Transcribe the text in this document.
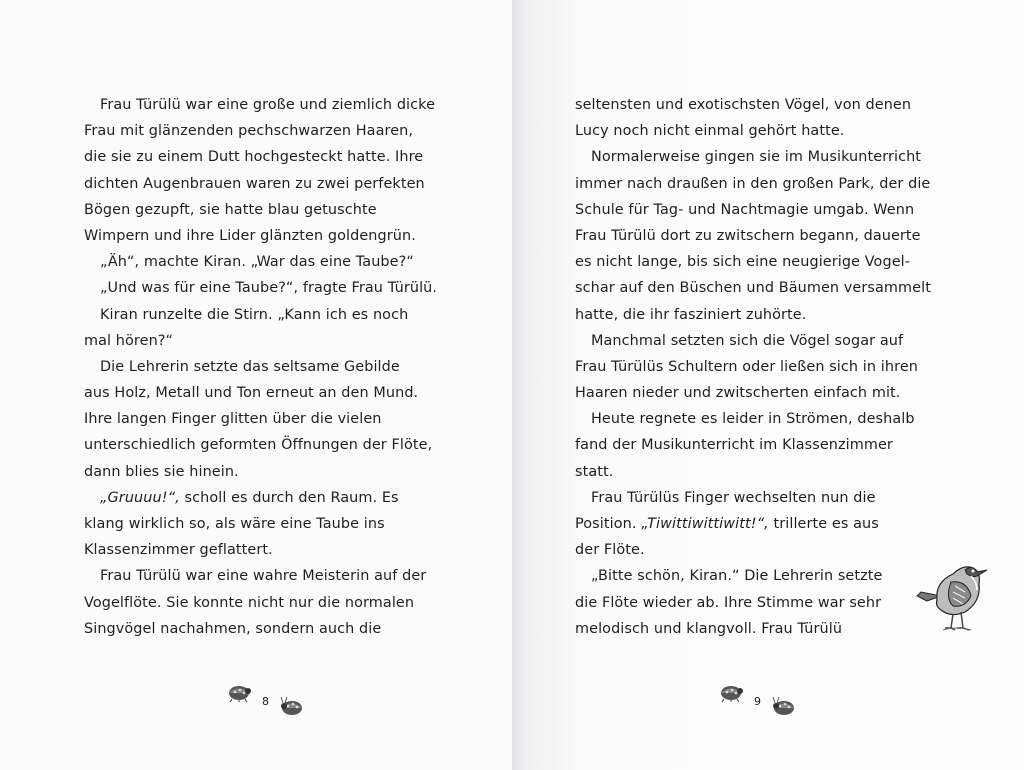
Frau Türülü war eine große und ziemlich dicke
Frau mit glänzenden pechschwarzen Haaren,
die sie zu einem Dutt hochgesteckt hatte. Ihre
dichten Augenbrauen waren zu zwei perfekten
Bögen gezupft, sie hatte blau getuschte
Wimpern und ihre Lider glänzten goldengrün.
„Äh“, machte Kiran. „War das eine Taube?“
„Und was für eine Taube?“, fragte Frau Türülü.
Kiran runzelte die Stirn. „Kann ich es noch
mal hören?“
Die Lehrerin setzte das seltsame Gebilde
aus Holz, Metall und Ton erneut an den Mund.
Ihre langen Finger glitten über die vielen
unterschiedlich geformten Öffnungen der Flöte,
dann blies sie hinein.
„Gruuuu!“, scholl es durch den Raum. Es
klang wirklich so, als wäre eine Taube ins
Klassenzimmer geflattert.
Frau Türülü war eine wahre Meisterin auf der
Vogelflöte. Sie konnte nicht nur die normalen
Singvögel nachahmen, sondern auch die
8
seltensten und exotischsten Vögel, von denen
Lucy noch nicht einmal gehört hatte.
Normalerweise gingen sie im Musikunterricht
immer nach draußen in den großen Park, der die
Schule für Tag- und Nachtmagie umgab. Wenn
Frau Türülü dort zu zwitschern begann, dauerte
es nicht lange, bis sich eine neugierige Vogel-
schar auf den Büschen und Bäumen versammelt
hatte, die ihr fasziniert zuhörte.
Manchmal setzten sich die Vögel sogar auf
Frau Türülüs Schultern oder ließen sich in ihren
Haaren nieder und zwitscherten einfach mit.
Heute regnete es leider in Strömen, deshalb
fand der Musikunterricht im Klassenzimmer
statt.
Frau Türülüs Finger wechselten nun die
Position. „Tiwittiwittiwitt!“, trillerte es aus
der Flöte.
„Bitte schön, Kiran.“ Die Lehrerin setzte
die Flöte wieder ab. Ihre Stimme war sehr
melodisch und klangvoll. Frau Türülü
9
